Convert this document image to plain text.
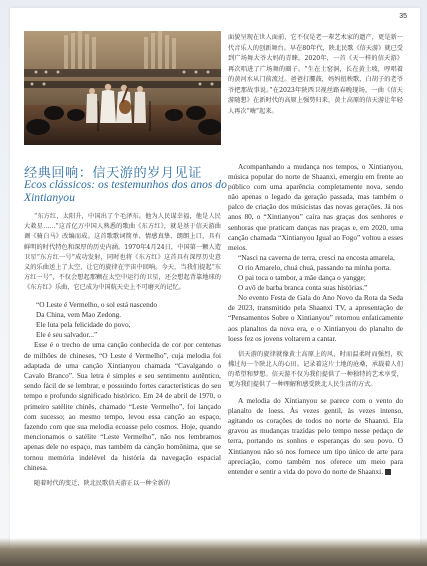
35
面貌呈现在世人面前，它不仅是老一辈艺术家的遗产，更是新一代音乐人的创新舞台。早在80年代，陕北民歌《信天游》就已受到广场舞大爷大妈的青睐。2020年，一首《天一样的信天游》再次唱进了广场舞的圈子。“生在土窑洞，长在黄土坡，哼唱着的黄河水从门前流过。爸爸打腰鼓，妈妈扭秧歌，白胡子的老爷爷把那故事说。”在2023年陕西卫视丝路春晚现场，一曲《信天游随想》在新时代的高原上强势归来，黄土高原的信天游让年轻人再次“嗨”起来。
经典回响：信天游的岁月见证
Ecos clássicos: os testemunhos dos anos do Xintianyou

“东方红，太阳升，中国出了个毛泽东。他为人民谋幸福，他是人民大救星……”这首亿万中国人熟悉的歌曲《东方红》，就是基于信天游曲调《骑白马》改编而成。这首歌歌词简单、情感真挚、朗朗上口，具有鲜明的时代特色和深厚的历史内涵。1970年4月24日，中国第一颗人造卫星“东方红一号”成功发射，同时也将《东方红》这首具有深厚历史意义的乐曲送上了太空，让它的旋律在宇宙中回响。今天，当我们提起“东方红一号”，不仅会想起那颗在太空中运行的卫星，还会想起背靠地球的《东方红》乐曲，它已成为中国航天史上不可磨灭的记忆。

“O Leste é Vermelho, o sol está nascendo
Da China, vem Mao Zedong.
Ele luta pela felicidade do povo,
Ele é seu salvador...”

Esse é o trecho de uma canção conhecida de cor por centenas de milhões de chineses, “O Leste é Vermelho”, cuja melodia foi adaptada de uma canção Xintianyou chamada “Cavalgando o Cavalo Branco”. Sua letra é simples e seu sentimento autêntico, sendo fácil de se lembrar, e possuindo fortes características do seu tempo e profundo significado histórico. Em 24 de abril de 1970, o primeiro satélite chinês, chamado “Leste Vermelho”, foi lançado com sucesso; ao mesmo tempo, levou essa canção ao espaço, fazendo com que sua melodia ecoasse pelo cosmos. Hoje, quando mencionamos o satélite “Leste Vermelho”, não nos lembramos apenas dele no espaço, mas também da canção homônima, que se tornou memória indelével da história da navegação espacial chinesa.

随着时代的变迁，陕北民歌信天游正以一种全新的

Acompanhando a mudança nos tempos, o Xintianyou, música popular do norte de Shaanxi, emergiu em frente ao público com uma aparência completamente nova, sendo não apenas o legado da geração passada, mas também o palco de criação dos músicistas das novas gerações. Já nos anos 80, o “Xintianyou” caíra nas graças dos senhores e senhoras que praticam danças nas praças e, em 2020, uma canção chamada “Xintianyou Igual ao Fogo” voltou a esses meios.

“Nasci na caverna de terra, cresci na encosta amarela,
O rio Amarelo, chuá chuá, passando na minha porta.
O pai toca o tambor, a mãe dança o yangge;
O avô de barba branca conta suas histórias.”

No evento Festa de Gala do Ano Novo da Rota da Seda de 2023, transmitido pela Shaanxi TV, a apresentação de “Pensamentos Sobre o Xintianyou” retornou enfaticamente aos planaltos da nova era, e o Xintianyou do planalto de loess fez os jovens voltarem a cantar.

信天游的旋律就像黄土高原上的风，时而温柔时而强烈，吹拂过每一个陕北人的心田。记录着这片土地的沧桑，承载着人们的希望和梦想。信天游不仅为我们提供了一种独特的艺术享受，更为我们提供了一种理解和感受陕北人民生活的方式。

A melodia do Xintianyou se parece com o vento do planalto de loess. Às vezes gentil, às vezes intenso, agitando os corações de todos no norte de Shaanxi. Ela gravou as mudanças trazidas pelo tempo nesse pedaço de terra, portando os sonhos e esperanças do seu povo. O Xintianyou não só nos fornece um tipo único de arte para apreciação, como também nos oferece um meio para entender e sentir a vida do povo do norte de Shaanxi.
